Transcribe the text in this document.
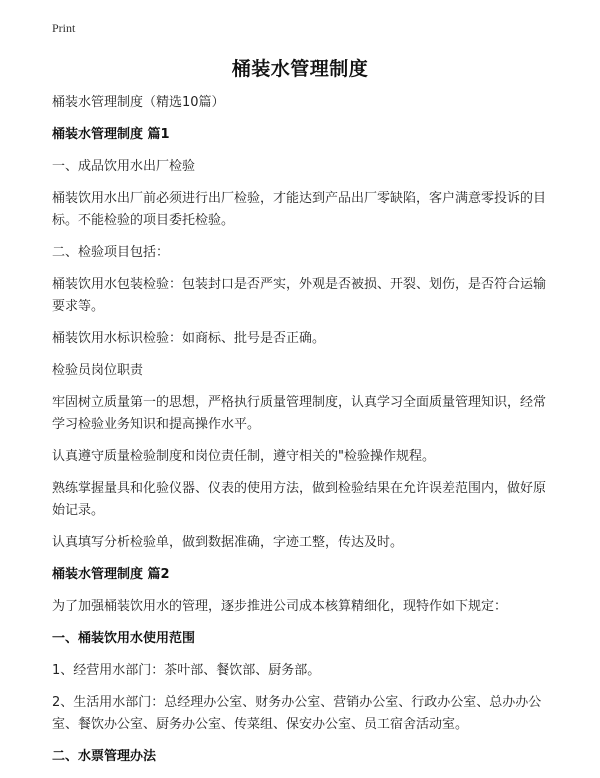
Print
桶装水管理制度

桶装水管理制度（精选10篇）

桶装水管理制度 篇1

一、成品饮用水出厂检验

桶装饮用水出厂前必须进行出厂检验，才能达到产品出厂零缺陷，客户满意零投诉的目标。不能检验的项目委托检验。

二、检验项目包括：

桶装饮用水包装检验：包装封口是否严实，外观是否被损、开裂、划伤，是否符合运输要求等。

桶装饮用水标识检验：如商标、批号是否正确。

检验员岗位职责

牢固树立质量第一的思想，严格执行质量管理制度，认真学习全面质量管理知识，经常学习检验业务知识和提高操作水平。

认真遵守质量检验制度和岗位责任制，遵守相关的"检验操作规程。

熟练掌握量具和化验仪器、仪表的使用方法，做到检验结果在允许误差范围内，做好原始记录。

认真填写分析检验单，做到数据准确，字迹工整，传达及时。

桶装水管理制度 篇2

为了加强桶装饮用水的管理，逐步推进公司成本核算精细化，现特作如下规定：

一、桶装饮用水使用范围

1、经营用水部门：茶叶部、餐饮部、厨务部。

2、生活用水部门：总经理办公室、财务办公室、营销办公室、行政办公室、总办办公室、餐饮办公室、厨务办公室、传菜组、保安办公室、员工宿舍活动室。

二、水票管理办法
